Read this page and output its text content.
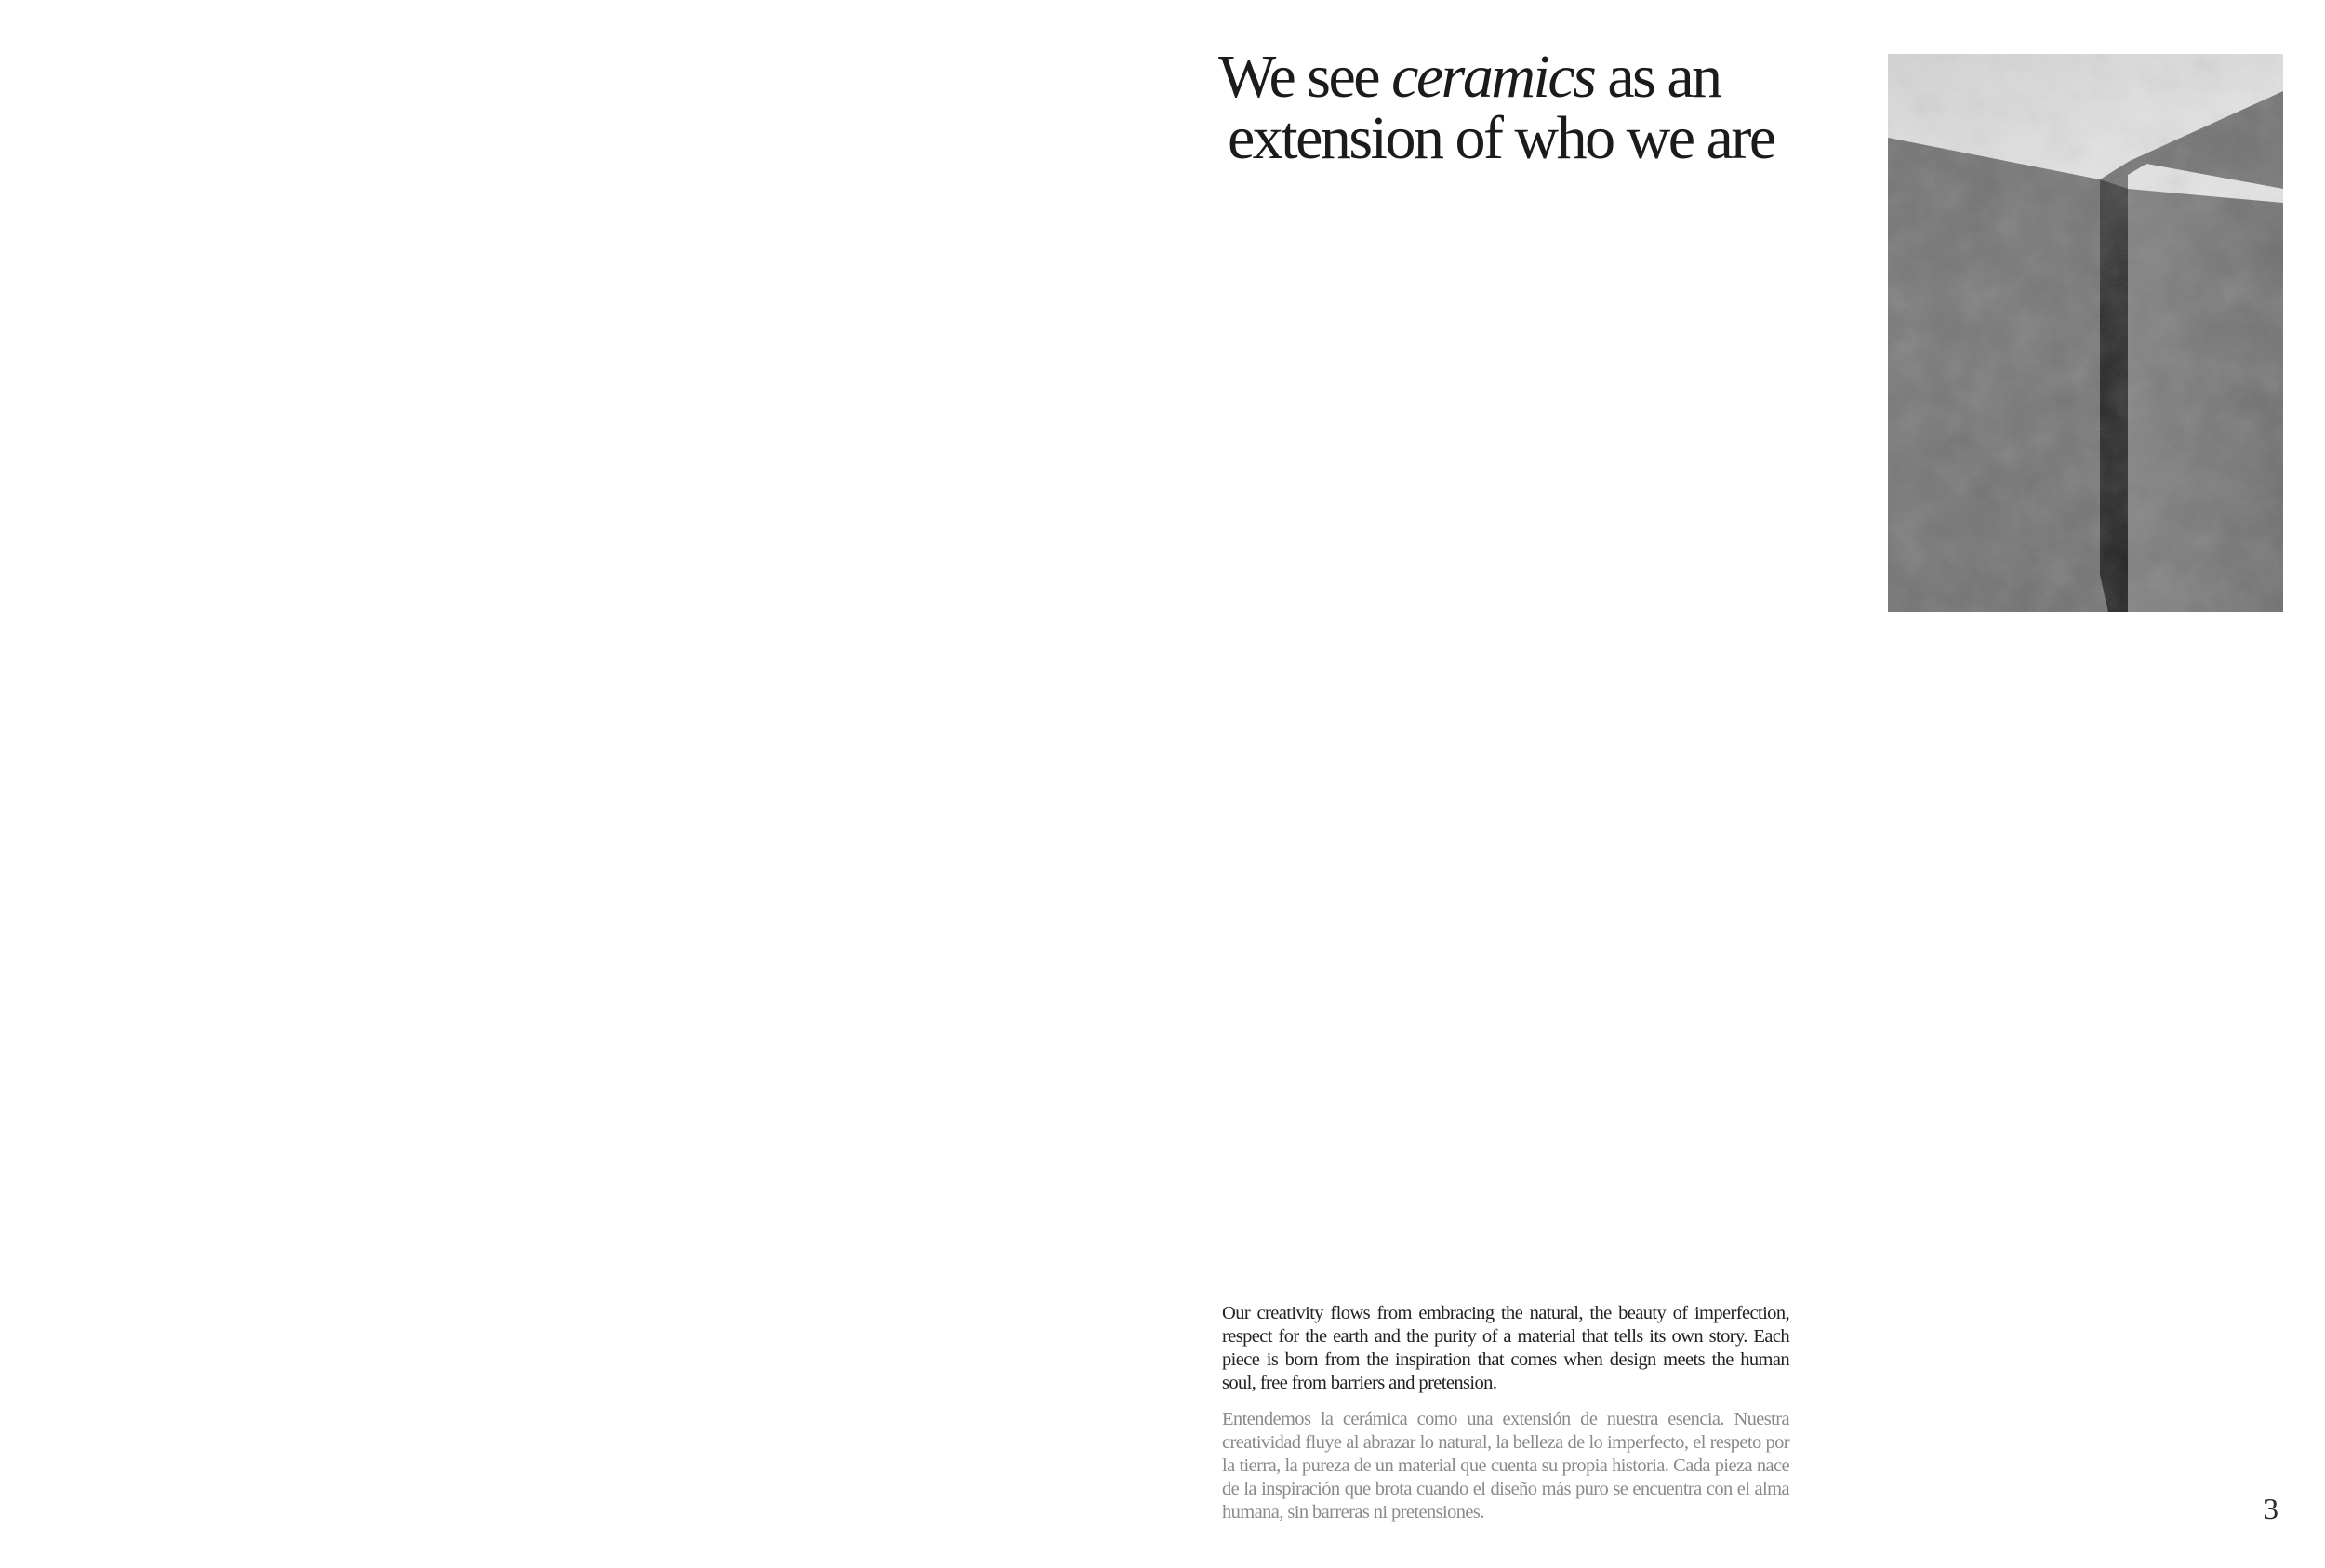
We see ceramics as an
extension of who we are

Our creativity flows from embracing the natural, the beauty of imperfection, respect for the earth and the purity of a material that tells its own story. Each piece is born from the inspiration that comes when design meets the human soul, free from barriers and pretension.

Entendemos la cerámica como una extensión de nuestra esencia. Nuestra creatividad fluye al abrazar lo natural, la belleza de lo imperfecto, el respeto por la tierra, la pureza de un material que cuenta su propia historia. Cada pieza nace de la inspiración que brota cuando el diseño más puro se encuentra con el alma humana, sin barreras ni pretensiones.	3
